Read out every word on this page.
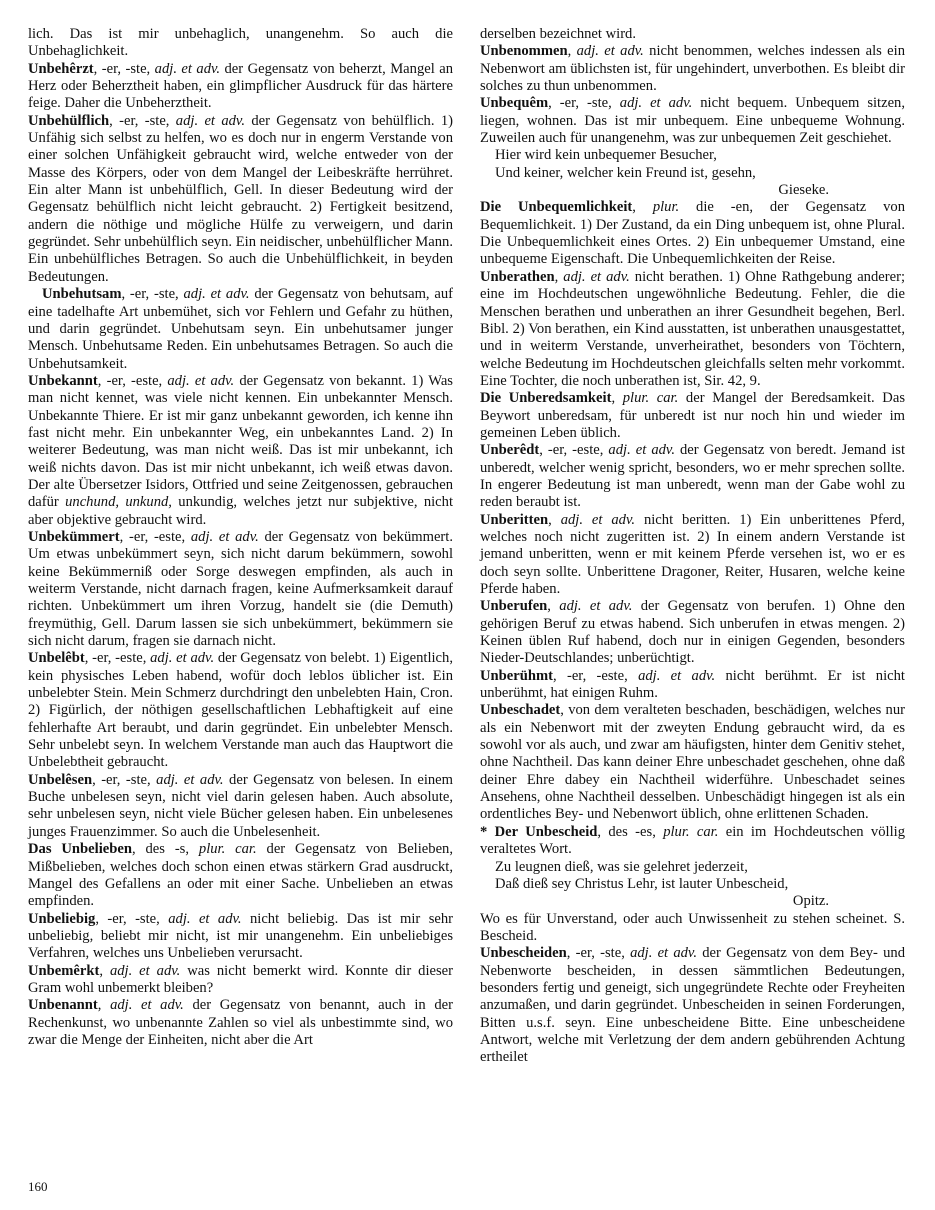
lich. Das ist mir unbehaglich, unangenehm. So auch die Unbehaglichkeit.

Unbehêrzt, -er, -ste, adj. et adv. der Gegensatz von beherzt, Mangel an Herz oder Beherztheit haben, ein glimpflicher Ausdruck für das härtere feige. Daher die Unbeherztheit.

Unbehülflich, -er, -ste, adj. et adv. der Gegensatz von behülflich. 1) Unfähig sich selbst zu helfen, wo es doch nur in engerm Verstande von einer solchen Unfähigkeit gebraucht wird, welche entweder von der Masse des Körpers, oder von dem Mangel der Leibeskräfte herrühret. Ein alter Mann ist unbehülflich, Gell. In dieser Bedeutung wird der Gegensatz behülflich nicht leicht gebraucht. 2) Fertigkeit besitzend, andern die nöthige und mögliche Hülfe zu verweigern, und darin gegründet. Sehr unbehülflich seyn. Ein neidischer, unbehülflicher Mann. Ein unbehülfliches Betragen. So auch die Unbehülflichkeit, in beyden Bedeutungen.

Unbehutsam, -er, -ste, adj. et adv. der Gegensatz von behutsam, auf eine tadelhafte Art unbemühet, sich vor Fehlern und Gefahr zu hüthen, und darin gegründet. Unbehutsam seyn. Ein unbehutsamer junger Mensch. Unbehutsame Reden. Ein unbehutsames Betragen. So auch die Unbehutsamkeit.

Unbekannt, -er, -este, adj. et adv. der Gegensatz von bekannt. 1) Was man nicht kennet, was viele nicht kennen. Ein unbekannter Mensch. Unbekannte Thiere. Er ist mir ganz unbekannt geworden, ich kenne ihn fast nicht mehr. Ein unbekannter Weg, ein unbekanntes Land. 2) In weiterer Bedeutung, was man nicht weiß. Das ist mir unbekannt, ich weiß nichts davon. Das ist mir nicht unbekannt, ich weiß etwas davon. Der alte Übersetzer Isidors, Ottfried und seine Zeitgenossen, gebrauchen dafür unchund, unkund, unkundig, welches jetzt nur subjektive, nicht aber objektive gebraucht wird.

Unbekümmert, -er, -este, adj. et adv. der Gegensatz von bekümmert. Um etwas unbekümmert seyn, sich nicht darum bekümmern, sowohl keine Bekümmerniß oder Sorge deswegen empfinden, als auch in weiterm Verstande, nicht darnach fragen, keine Aufmerksamkeit darauf richten. Unbekümmert um ihren Vorzug, handelt sie (die Demuth) freymüthig, Gell. Darum lassen sie sich unbekümmert, bekümmern sie sich nicht darum, fragen sie darnach nicht.

Unbelêbt, -er, -este, adj. et adv. der Gegensatz von belebt. 1) Eigentlich, kein physisches Leben habend, wofür doch leblos üblicher ist. Ein unbelebter Stein. Mein Schmerz durchdringt den unbelebten Hain, Cron. 2) Figürlich, der nöthigen gesellschaftlichen Lebhaftigkeit auf eine fehlerhafte Art beraubt, und darin gegründet. Ein unbelebter Mensch. Sehr unbelebt seyn. In welchem Verstande man auch das Hauptwort die Unbelebtheit gebraucht.

Unbelêsen, -er, -ste, adj. et adv. der Gegensatz von belesen. In einem Buche unbelesen seyn, nicht viel darin gelesen haben. Auch absolute, sehr unbelesen seyn, nicht viele Bücher gelesen haben. Ein unbelesenes junges Frauenzimmer. So auch die Unbelesenheit.

Das Unbelieben, des -s, plur. car. der Gegensatz von Belieben, Mißbelieben, welches doch schon einen etwas stärkern Grad ausdruckt, Mangel des Gefallens an oder mit einer Sache. Unbelieben an etwas empfinden.

Unbeliebig, -er, -ste, adj. et adv. nicht beliebig. Das ist mir sehr unbeliebig, beliebt mir nicht, ist mir unangenehm. Ein unbeliebiges Verfahren, welches uns Unbelieben verursacht.

Unbemêrkt, adj. et adv. was nicht bemerkt wird. Konnte dir dieser Gram wohl unbemerkt bleiben?

Unbenannt, adj. et adv. der Gegensatz von benannt, auch in der Rechenkunst, wo unbenannte Zahlen so viel als unbestimmte sind, wo zwar die Menge der Einheiten, nicht aber die Art

derselben bezeichnet wird.

Unbenommen, adj. et adv. nicht benommen, welches indessen als ein Nebenwort am üblichsten ist, für ungehindert, unverbothen. Es bleibt dir solches zu thun unbenommen.

Unbequêm, -er, -ste, adj. et adv. nicht bequem. Unbequem sitzen, liegen, wohnen. Das ist mir unbequem. Eine unbequeme Wohnung. Zuweilen auch für unangenehm, was zur unbequemen Zeit geschiehet.

Hier wird kein unbequemer Besucher,

Und keiner, welcher kein Freund ist, gesehn,

Gieseke.

Die Unbequemlichkeit, plur. die -en, der Gegensatz von Bequemlichkeit. 1) Der Zustand, da ein Ding unbequem ist, ohne Plural. Die Unbequemlichkeit eines Ortes. 2) Ein unbequemer Umstand, eine unbequeme Eigenschaft. Die Unbequemlichkeiten der Reise.

Unberathen, adj. et adv. nicht berathen. 1) Ohne Rathgebung anderer; eine im Hochdeutschen ungewöhnliche Bedeutung. Fehler, die die Menschen berathen und unberathen an ihrer Gesundheit begehen, Berl. Bibl. 2) Von berathen, ein Kind ausstatten, ist unberathen unausgestattet, und in weiterm Verstande, unverheirathet, besonders von Töchtern, welche Bedeutung im Hochdeutschen gleichfalls selten mehr vorkommt. Eine Tochter, die noch unberathen ist, Sir. 42, 9.

Die Unberedsamkeit, plur. car. der Mangel der Beredsamkeit. Das Beywort unberedsam, für unberedt ist nur noch hin und wieder im gemeinen Leben üblich.

Unberêdt, -er, -este, adj. et adv. der Gegensatz von beredt. Jemand ist unberedt, welcher wenig spricht, besonders, wo er mehr sprechen sollte. In engerer Bedeutung ist man unberedt, wenn man der Gabe wohl zu reden beraubt ist.

Unberitten, adj. et adv. nicht beritten. 1) Ein unberittenes Pferd, welches noch nicht zugeritten ist. 2) In einem andern Verstande ist jemand unberitten, wenn er mit keinem Pferde versehen ist, wo er es doch seyn sollte. Unberittene Dragoner, Reiter, Husaren, welche keine Pferde haben.

Unberufen, adj. et adv. der Gegensatz von berufen. 1) Ohne den gehörigen Beruf zu etwas habend. Sich unberufen in etwas mengen. 2) Keinen üblen Ruf habend, doch nur in einigen Gegenden, besonders Nieder-Deutschlandes; unberüchtigt.

Unberühmt, -er, -este, adj. et adv. nicht berühmt. Er ist nicht unberühmt, hat einigen Ruhm.

Unbeschadet, von dem veralteten beschaden, beschädigen, welches nur als ein Nebenwort mit der zweyten Endung gebraucht wird, da es sowohl vor als auch, und zwar am häufigsten, hinter dem Genitiv stehet, ohne Nachtheil. Das kann deiner Ehre unbeschadet geschehen, ohne daß deiner Ehre dabey ein Nachtheil widerführe. Unbeschadet seines Ansehens, ohne Nachtheil desselben. Unbeschädigt hingegen ist als ein ordentliches Bey- und Nebenwort üblich, ohne erlittenen Schaden.

* Der Unbescheid, des -es, plur. car. ein im Hochdeutschen völlig veraltetes Wort.

Zu leugnen dieß, was sie gelehret jederzeit,

Daß dieß sey Christus Lehr, ist lauter Unbescheid,

Opitz.

Wo es für Unverstand, oder auch Unwissenheit zu stehen scheinet. S. Bescheid.

Unbescheiden, -er, -ste, adj. et adv. der Gegensatz von dem Bey- und Nebenworte bescheiden, in dessen sämmtlichen Bedeutungen, besonders fertig und geneigt, sich ungegründete Rechte oder Freyheiten anzumaßen, und darin gegründet. Unbescheiden in seinen Forderungen, Bitten u.s.f. seyn. Eine unbescheidene Bitte. Eine unbescheidene Antwort, welche mit Verletzung der dem andern gebührenden Achtung ertheilet

160
